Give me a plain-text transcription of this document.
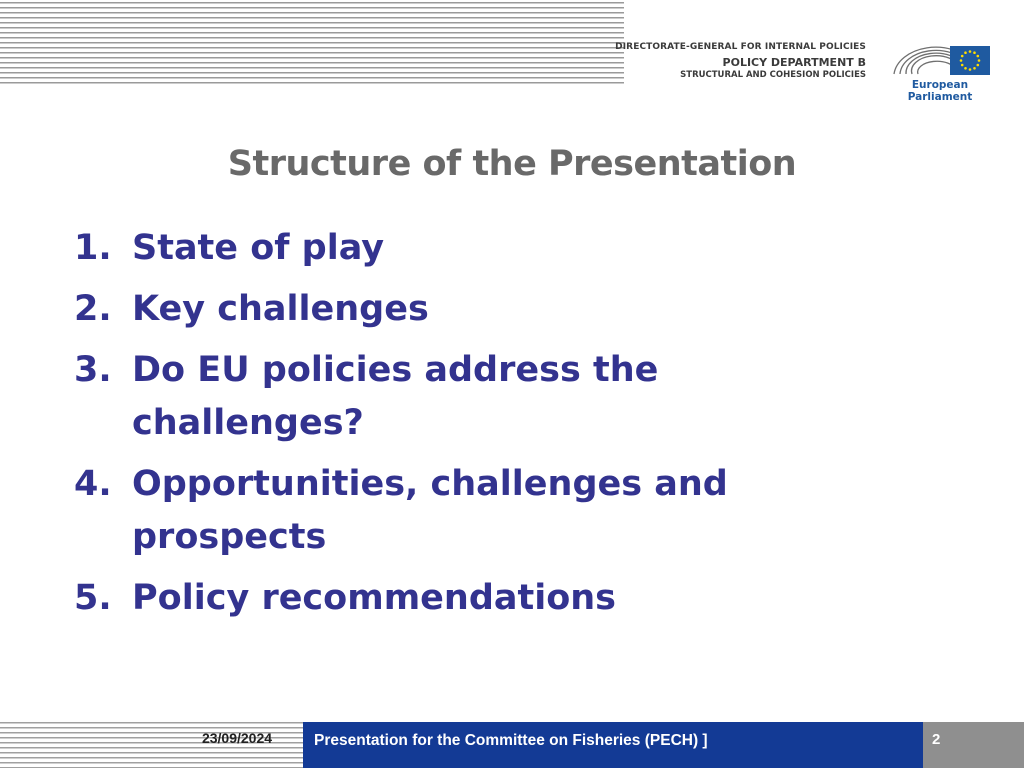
DIRECTORATE-GENERAL FOR INTERNAL POLICIES
POLICY DEPARTMENT B
STRUCTURAL AND COHESION POLICIES
European Parliament
Structure of the Presentation
1. State of play
2. Key challenges
3. Do EU policies address the challenges?
4. Opportunities, challenges and prospects
5. Policy recommendations
23/09/2024	Presentation for the Committee on Fisheries (PECH) ]	2
